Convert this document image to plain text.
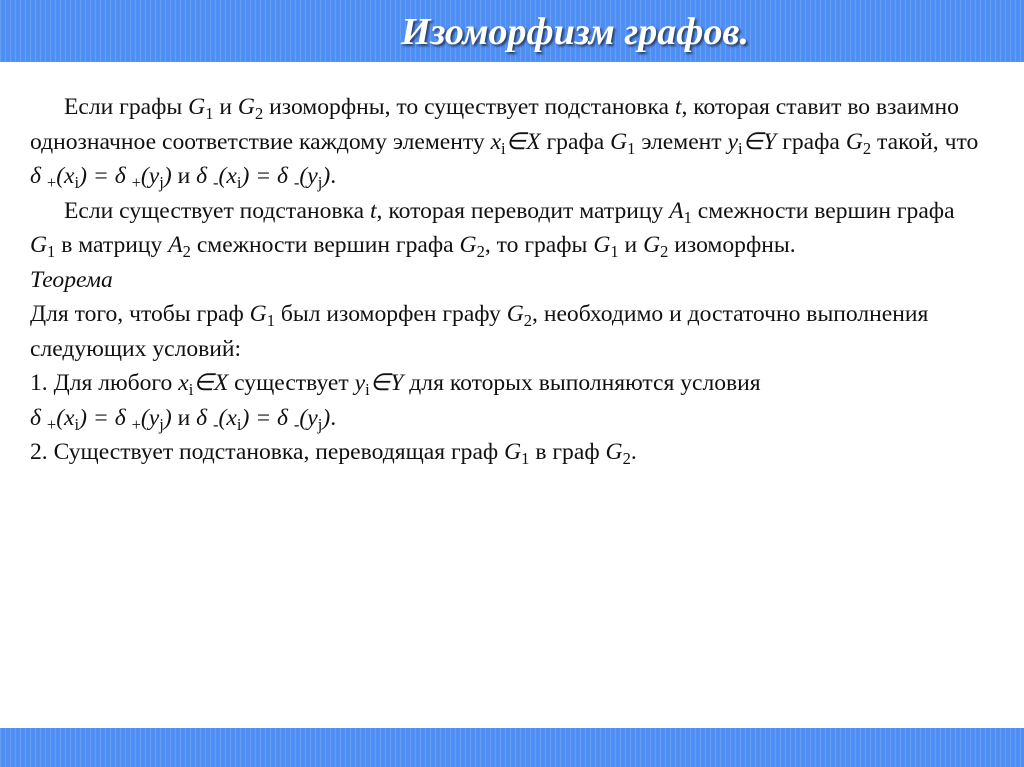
Изоморфизм графов.

Если графы $G_1$ и $G_2$ изоморфны, то существует подстановка t, которая ставит во взаимно однозначное соответствие каждому элементу $x_i\in X$ графа $G_1$ элемент $y_i\in Y$ графа $G_2$ такой, что δ $_+(x_i) = \delta$ $_+(y_j)$ и δ $_-(x_i) = \delta$ $_-(y_j)$.

Если существует подстановка t, которая переводит матрицу $A_1$ смежности вершин графа $G_1$ в матрицу $A_2$ смежности вершин графа $G_2$, то графы $G_1$ и $G_2$ изоморфны.

Теорема

Для того, чтобы граф $G_1$ был изоморфен графу $G_2$, необходимо и достаточно выполнения следующих условий:

1. Для любого $x_i\in X$ существует $y_i\in Y$ для которых выполняются условия

δ $_+(x_i) = \delta$ $_+(y_j)$ и δ $_-(x_i) = \delta$ $_-(y_j)$.

2. Существует подстановка, переводящая граф $G_1$ в граф $G_2$.
